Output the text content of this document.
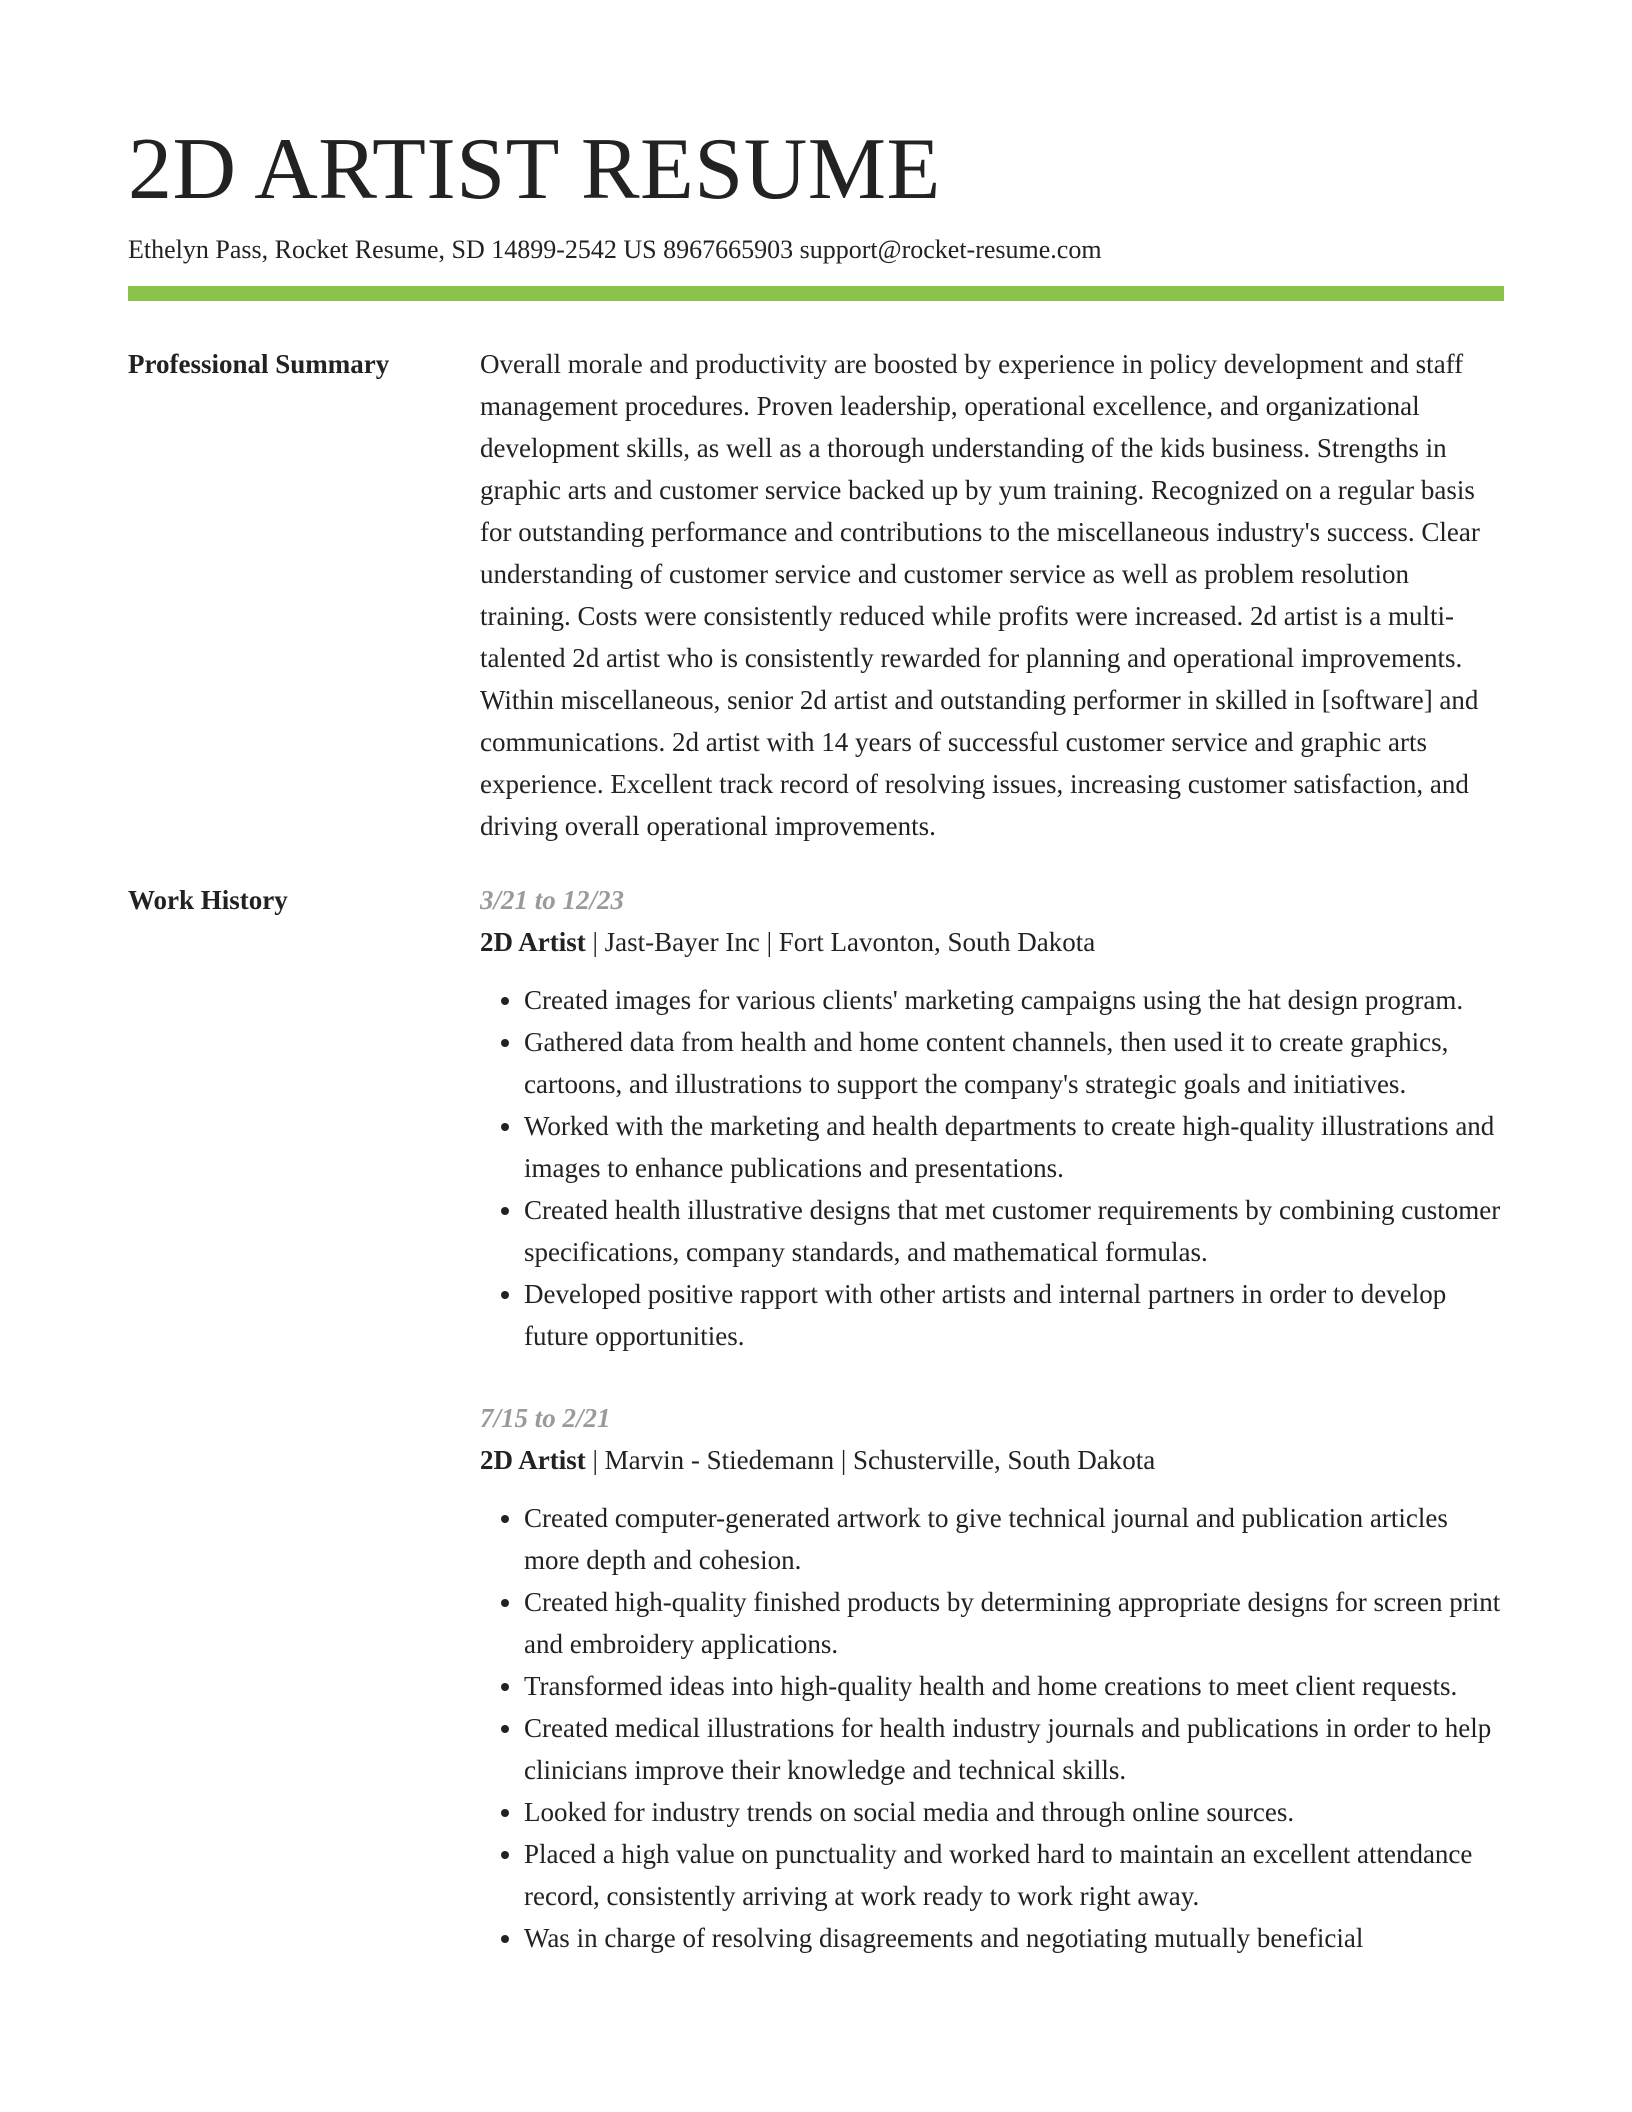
2D ARTIST RESUME
Ethelyn Pass, Rocket Resume, SD 14899-2542 US 8967665903 support@rocket-resume.com
Professional Summary	Overall morale and productivity are boosted by experience in policy development and staff management procedures. Proven leadership, operational excellence, and organizational development skills, as well as a thorough understanding of the kids business. Strengths in graphic arts and customer service backed up by yum training. Recognized on a regular basis for outstanding performance and contributions to the miscellaneous industry's success. Clear understanding of customer service and customer service as well as problem resolution training. Costs were consistently reduced while profits were increased. 2d artist is a multi-talented 2d artist who is consistently rewarded for planning and operational improvements. Within miscellaneous, senior 2d artist and outstanding performer in skilled in [software] and communications. 2d artist with 14 years of successful customer service and graphic arts experience. Excellent track record of resolving issues, increasing customer satisfaction, and driving overall operational improvements.

Work History	3/21 to 12/23
2D Artist | Jast-Bayer Inc | Fort Lavonton, South Dakota
• Created images for various clients' marketing campaigns using the hat design program.
• Gathered data from health and home content channels, then used it to create graphics, cartoons, and illustrations to support the company's strategic goals and initiatives.
• Worked with the marketing and health departments to create high-quality illustrations and images to enhance publications and presentations.
• Created health illustrative designs that met customer requirements by combining customer specifications, company standards, and mathematical formulas.
• Developed positive rapport with other artists and internal partners in order to develop future opportunities.
7/15 to 2/21
2D Artist | Marvin - Stiedemann | Schusterville, South Dakota
• Created computer-generated artwork to give technical journal and publication articles more depth and cohesion.
• Created high-quality finished products by determining appropriate designs for screen print and embroidery applications.
• Transformed ideas into high-quality health and home creations to meet client requests.
• Created medical illustrations for health industry journals and publications in order to help clinicians improve their knowledge and technical skills.
• Looked for industry trends on social media and through online sources.
• Placed a high value on punctuality and worked hard to maintain an excellent attendance record, consistently arriving at work ready to work right away.
• Was in charge of resolving disagreements and negotiating mutually beneficial
